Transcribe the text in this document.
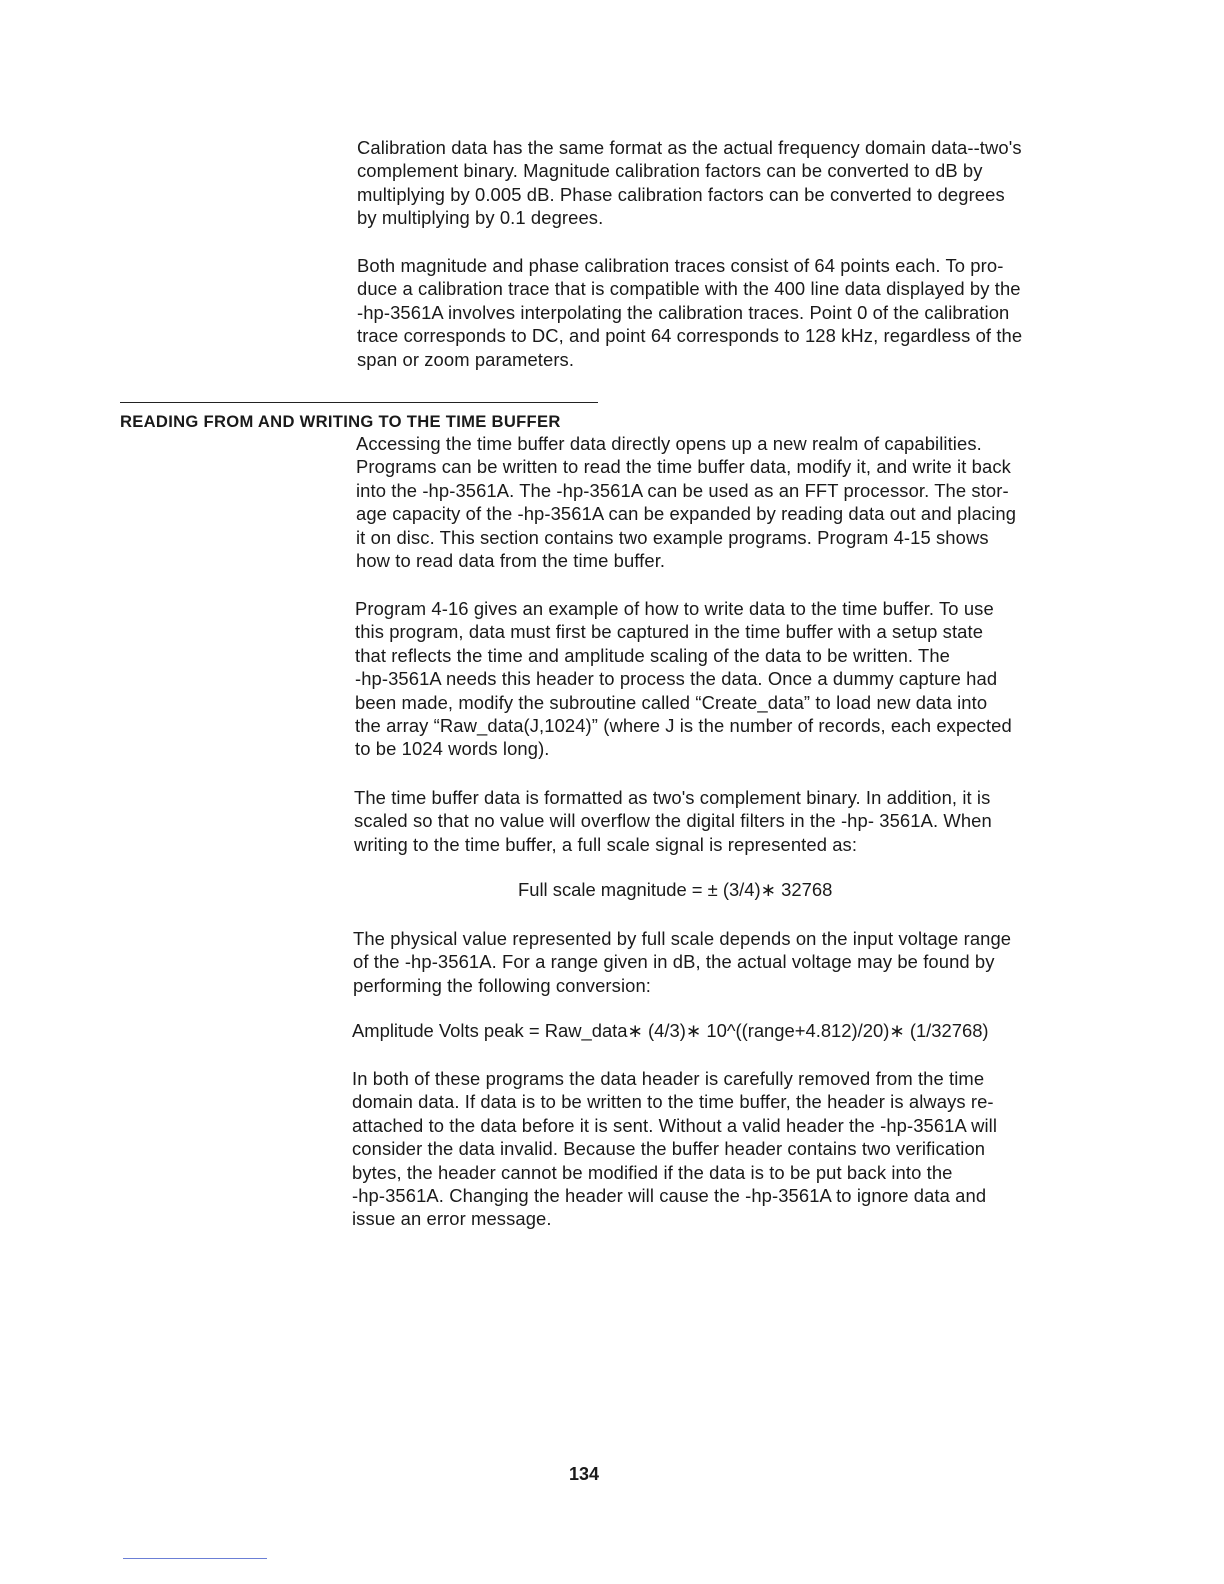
Calibration data has the same format as the actual frequency domain data--two's
complement binary. Magnitude calibration factors can be converted to dB by
multiplying by 0.005 dB. Phase calibration factors can be converted to degrees
by multiplying by 0.1 degrees.
Both magnitude and phase calibration traces consist of 64 points each. To pro-
duce a calibration trace that is compatible with the 400 line data displayed by the
-hp-3561A involves interpolating the calibration traces. Point 0 of the calibration
trace corresponds to DC, and point 64 corresponds to 128 kHz, regardless of the
span or zoom parameters.
READING FROM AND WRITING TO THE TIME BUFFER
Accessing the time buffer data directly opens up a new realm of capabilities.
Programs can be written to read the time buffer data, modify it, and write it back
into the -hp-3561A. The -hp-3561A can be used as an FFT processor. The stor-
age capacity of the -hp-3561A can be expanded by reading data out and placing
it on disc. This section contains two example programs. Program 4-15 shows
how to read data from the time buffer.
Program 4-16 gives an example of how to write data to the time buffer. To use
this program, data must first be captured in the time buffer with a setup state
that reflects the time and amplitude scaling of the data to be written. The
-hp-3561A needs this header to process the data. Once a dummy capture had
been made, modify the subroutine called “Create_data” to load new data into
the array “Raw_data(J,1024)” (where J is the number of records, each expected
to be 1024 words long).
The time buffer data is formatted as two's complement binary. In addition, it is
scaled so that no value will overflow the digital filters in the -hp- 3561A. When
writing to the time buffer, a full scale signal is represented as:
Full scale magnitude = ± (3/4)∗ 32768
The physical value represented by full scale depends on the input voltage range
of the -hp-3561A. For a range given in dB, the actual voltage may be found by
performing the following conversion:
Amplitude Volts peak = Raw_data∗ (4/3)∗ 10^((range+4.812)/20)∗ (1/32768)
In both of these programs the data header is carefully removed from the time
domain data. If data is to be written to the time buffer, the header is always re-
attached to the data before it is sent. Without a valid header the -hp-3561A will
consider the data invalid. Because the buffer header contains two verification
bytes, the header cannot be modified if the data is to be put back into the
-hp-3561A. Changing the header will cause the -hp-3561A to ignore data and
issue an error message.
134
